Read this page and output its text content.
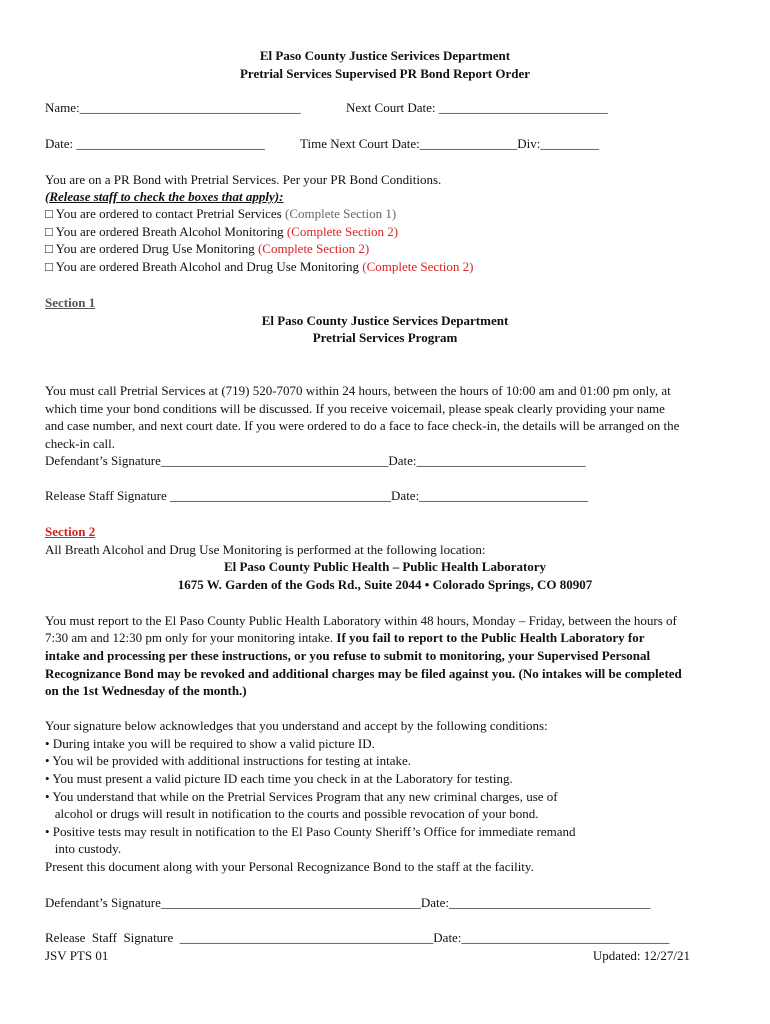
El Paso County Justice Serivices Department
Pretrial Services Supervised PR Bond Report Order
Name:__________________________________	Next Court Date: __________________________
Date: _____________________________	Time Next Court Date:_______________Div:_________
You are on a PR Bond with Pretrial Services. Per your PR Bond Conditions.
(Release staff to check the boxes that apply):
□ You are ordered to contact Pretrial Services (Complete Section 1)
□ You are ordered Breath Alcohol Monitoring (Complete Section 2)
□ You are ordered Drug Use Monitoring (Complete Section 2)
□ You are ordered Breath Alcohol and Drug Use Monitoring (Complete Section 2)
Section 1
El Paso County Justice Services Department
Pretrial Services Program
You must call Pretrial Services at (719) 520-7070 within 24 hours, between the hours of 10:00 am and 01:00 pm only, at
which time your bond conditions will be discussed. If you receive voicemail, please speak clearly providing your name
and case number, and next court date. If you were ordered to do a face to face check-in, the details will be arranged on the
check-in call.
Defendant’s Signature___________________________________Date:__________________________
Release Staff Signature __________________________________Date:__________________________
Section 2
All Breath Alcohol and Drug Use Monitoring is performed at the following location:
El Paso County Public Health – Public Health Laboratory
1675 W. Garden of the Gods Rd., Suite 2044 • Colorado Springs, CO 80907
You must report to the El Paso County Public Health Laboratory within 48 hours, Monday – Friday, between the hours of
7:30 am and 12:30 pm only for your monitoring intake. If you fail to report to the Public Health Laboratory for
intake and processing per these instructions, or you refuse to submit to monitoring, your Supervised Personal
Recognizance Bond may be revoked and additional charges may be filed against you. (No intakes will be completed
on the 1st Wednesday of the month.)
Your signature below acknowledges that you understand and accept by the following conditions:
• During intake you will be required to show a valid picture ID.
• You wil be provided with additional instructions for testing at intake.
• You must present a valid picture ID each time you check in at the Laboratory for testing.
• You understand that while on the Pretrial Services Program that any new criminal charges, use of
alcohol or drugs will result in notification to the courts and possible revocation of your bond.
• Positive tests may result in notification to the El Paso County Sheriff’s Office for immediate remand
into custody.
Present this document along with your Personal Recognizance Bond to the staff at the facility.
Defendant’s Signature________________________________________Date:_______________________________
Release  Staff  Signature  _______________________________________Date:________________________________
JSV PTS 01	Updated: 12/27/21
